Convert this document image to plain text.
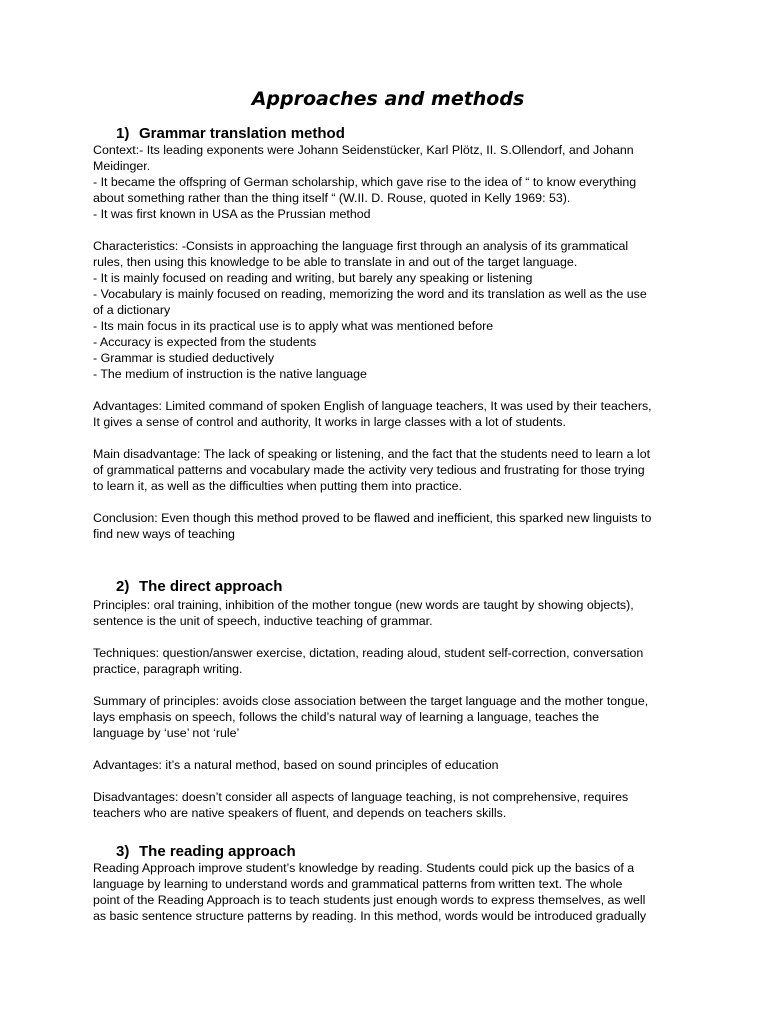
Approaches and methods
1) Grammar translation method
Context:- Its leading exponents were Johann Seidenstücker, Karl Plötz, II. S.Ollendorf, and Johann
Meidinger.
- It became the offspring of German scholarship, which gave rise to the idea of “ to know everything
about something rather than the thing itself “ (W.II. D. Rouse, quoted in Kelly 1969: 53).
- It was first known in USA as the Prussian method
Characteristics: -Consists in approaching the language first through an analysis of its grammatical
rules, then using this knowledge to be able to translate in and out of the target language.
- It is mainly focused on reading and writing, but barely any speaking or listening
- Vocabulary is mainly focused on reading, memorizing the word and its translation as well as the use
of a dictionary
- Its main focus in its practical use is to apply what was mentioned before
- Accuracy is expected from the students
- Grammar is studied deductively
- The medium of instruction is the native language
Advantages: Limited command of spoken English of language teachers, It was used by their teachers,
It gives a sense of control and authority, It works in large classes with a lot of students.
Main disadvantage: The lack of speaking or listening, and the fact that the students need to learn a lot
of grammatical patterns and vocabulary made the activity very tedious and frustrating for those trying
to learn it, as well as the difficulties when putting them into practice.
Conclusion: Even though this method proved to be flawed and inefficient, this sparked new linguists to
find new ways of teaching
2) The direct approach
Principles: oral training, inhibition of the mother tongue (new words are taught by showing objects),
sentence is the unit of speech, inductive teaching of grammar.
Techniques: question/answer exercise, dictation, reading aloud, student self-correction, conversation
practice, paragraph writing.
Summary of principles: avoids close association between the target language and the mother tongue,
lays emphasis on speech, follows the child’s natural way of learning a language, teaches the
language by ‘use’ not ‘rule’
Advantages: it’s a natural method, based on sound principles of education
Disadvantages: doesn’t consider all aspects of language teaching, is not comprehensive, requires
teachers who are native speakers of fluent, and depends on teachers skills.
3) The reading approach
Reading Approach improve student’s knowledge by reading. Students could pick up the basics of a
language by learning to understand words and grammatical patterns from written text. The whole
point of the Reading Approach is to teach students just enough words to express themselves, as well
as basic sentence structure patterns by reading. In this method, words would be introduced gradually
